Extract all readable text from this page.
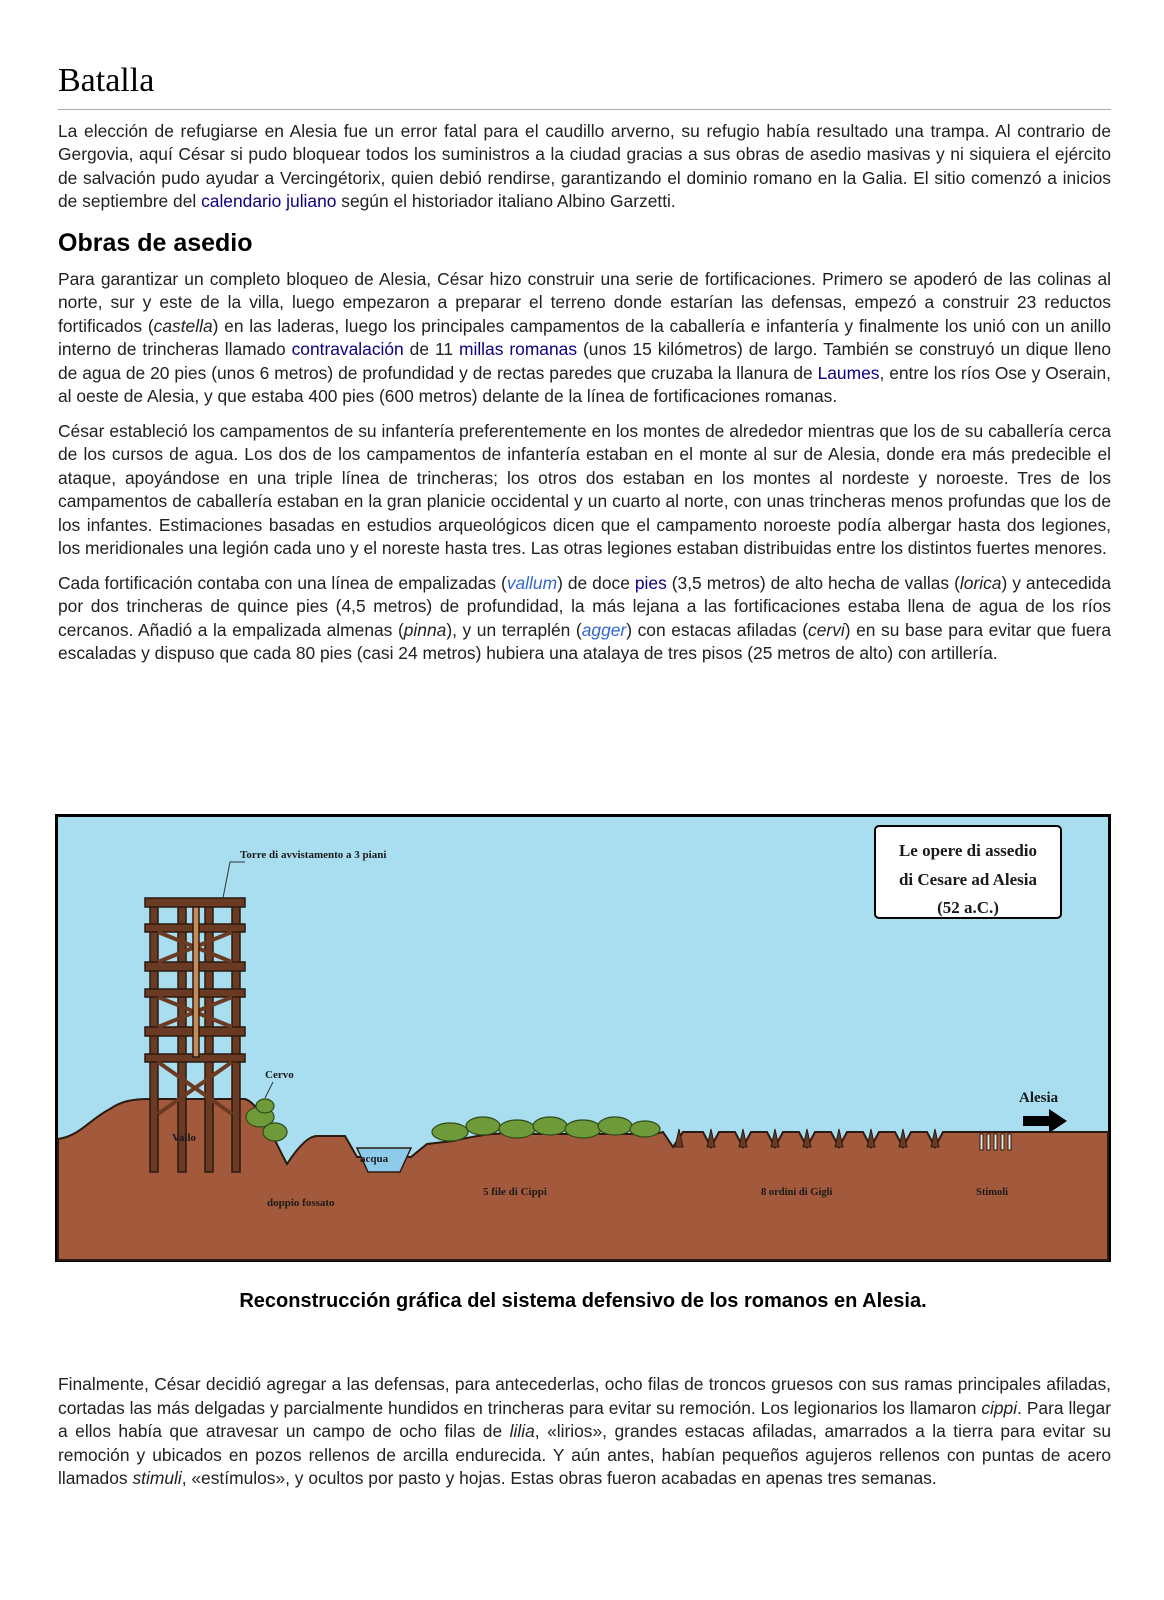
Batalla

La elección de refugiarse en Alesia fue un error fatal para el caudillo arverno, su refugio había resultado una trampa. Al contrario de Gergovia, aquí César si pudo bloquear todos los suministros a la ciudad gracias a sus obras de asedio masivas y ni siquiera el ejército de salvación pudo ayudar a Vercingétorix, quien debió rendirse, garantizando el dominio romano en la Galia. El sitio comenzó a inicios de septiembre del calendario juliano según el historiador italiano Albino Garzetti.

Obras de asedio

Para garantizar un completo bloqueo de Alesia, César hizo construir una serie de fortificaciones. Primero se apoderó de las colinas al norte, sur y este de la villa, luego empezaron a preparar el terreno donde estarían las defensas, empezó a construir 23 reductos fortificados (castella) en las laderas, luego los principales campamentos de la caballería e infantería y finalmente los unió con un anillo interno de trincheras llamado contravalación de 11 millas romanas (unos 15 kilómetros) de largo. También se construyó un dique lleno de agua de 20 pies (unos 6 metros) de profundidad y de rectas paredes que cruzaba la llanura de Laumes, entre los ríos Ose y Oserain, al oeste de Alesia, y que estaba 400 pies (600 metros) delante de la línea de fortificaciones romanas.

César estableció los campamentos de su infantería preferentemente en los montes de alrededor mientras que los de su caballería cerca de los cursos de agua. Los dos de los campamentos de infantería estaban en el monte al sur de Alesia, donde era más predecible el ataque, apoyándose en una triple línea de trincheras; los otros dos estaban en los montes al nordeste y noroeste. Tres de los campamentos de caballería estaban en la gran planicie occidental y un cuarto al norte, con unas trincheras menos profundas que los de los infantes. Estimaciones basadas en estudios arqueológicos dicen que el campamento noroeste podía albergar hasta dos legiones, los meridionales una legión cada uno y el noreste hasta tres. Las otras legiones estaban distribuidas entre los distintos fuertes menores.

Cada fortificación contaba con una línea de empalizadas (vallum) de doce pies (3,5 metros) de alto hecha de vallas (lorica) y antecedida por dos trincheras de quince pies (4,5 metros) de profundidad, la más lejana a las fortificaciones estaba llena de agua de los ríos cercanos. Añadió a la empalizada almenas (pinna), y un terraplén (agger) con estacas afiladas (cervi) en su base para evitar que fuera escaladas y dispuso que cada 80 pies (casi 24 metros) hubiera una atalaya de tres pisos (25 metros de alto) con artillería.

Le opere di assedio
di Cesare ad Alesia
(52 a.C.)
Torre di avvistamento a 3 piani
Cervo
Vallo
acqua
doppio fossato
5 file di Cippi	8 ordini di Gigli	Stimoli
Alesia
Reconstrucción gráfica del sistema defensivo de los romanos en Alesia.

Finalmente, César decidió agregar a las defensas, para antecederlas, ocho filas de troncos gruesos con sus ramas principales afiladas, cortadas las más delgadas y parcialmente hundidos en trincheras para evitar su remoción. Los legionarios los llamaron cippi. Para llegar a ellos había que atravesar un campo de ocho filas de lilia, «lirios», grandes estacas afiladas, amarrados a la tierra para evitar su remoción y ubicados en pozos rellenos de arcilla endurecida. Y aún antes, habían pequeños agujeros rellenos con puntas de acero llamados stimuli, «estímulos», y ocultos por pasto y hojas. Estas obras fueron acabadas en apenas tres semanas.
